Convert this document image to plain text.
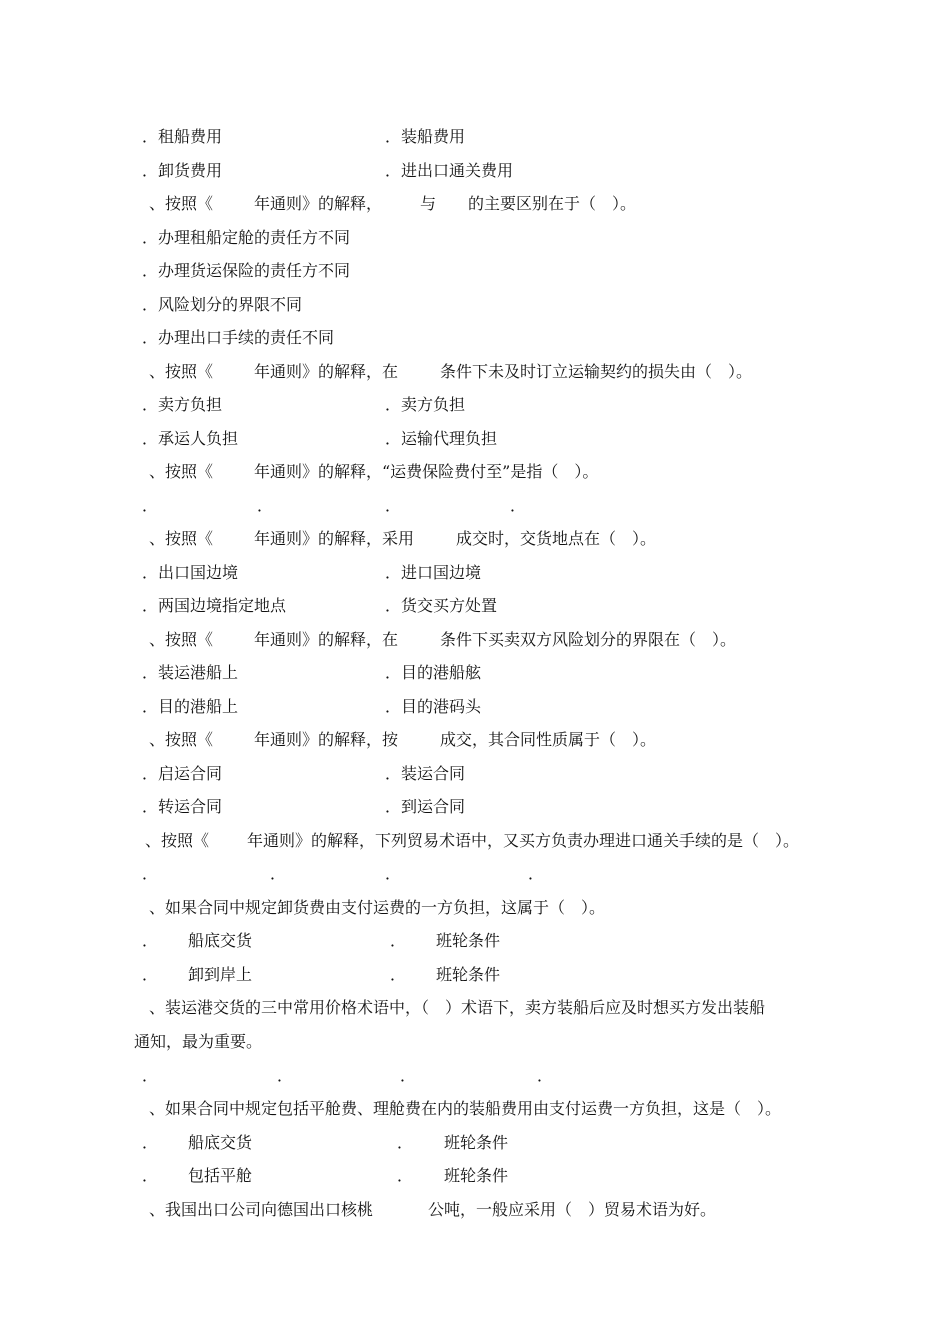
．租船费用	．装船费用
．卸货费用	．进出口通关费用
、按照《	年通则》的解释， 与 的主要区别在于（　）。
．办理租船定舱的责任方不同
．办理货运保险的责任方不同
．风险划分的界限不同
．办理出口手续的责任不同
、按照《	年通则》的解释，在	条件下未及时订立运输契约的损失由（　）。
．卖方负担	．卖方负担
．承运人负担	．运输代理负担
、按照《	年通则》的解释，“运费保险费付至”是指（　）。
．	．	．	．
、按照《	年通则》的解释，采用	成交时，交货地点在（　）。
．出口国边境	．进口国边境
．两国边境指定地点	．货交买方处置
、按照《	年通则》的解释，在	条件下买卖双方风险划分的界限在（　）。
．装运港船上	．目的港船舷
．目的港船上	．目的港码头
、按照《	年通则》的解释，按	成交，其合同性质属于（　）。
．启运合同	．装运合同
．转运合同	．到运合同
、按照《 年通则》的解释，下列贸易术语中，又买方负责办理进口通关手续的是（　）。
．	．	．	．
、如果合同中规定卸货费由支付运费的一方负担，这属于（　）。
． 船底交货	． 班轮条件
． 卸到岸上	． 班轮条件
、装运港交货的三中常用价格术语中，（　）术语下，卖方装船后应及时想买方发出装船
通知，最为重要。
．	．	．	．
、如果合同中规定包括平舱费、理舱费在内的装船费用由支付运费一方负担，这是（　）。
． 船底交货	． 班轮条件
． 包括平舱	． 班轮条件
、我国出口公司向德国出口核桃	公吨，一般应采用（　）贸易术语为好。
